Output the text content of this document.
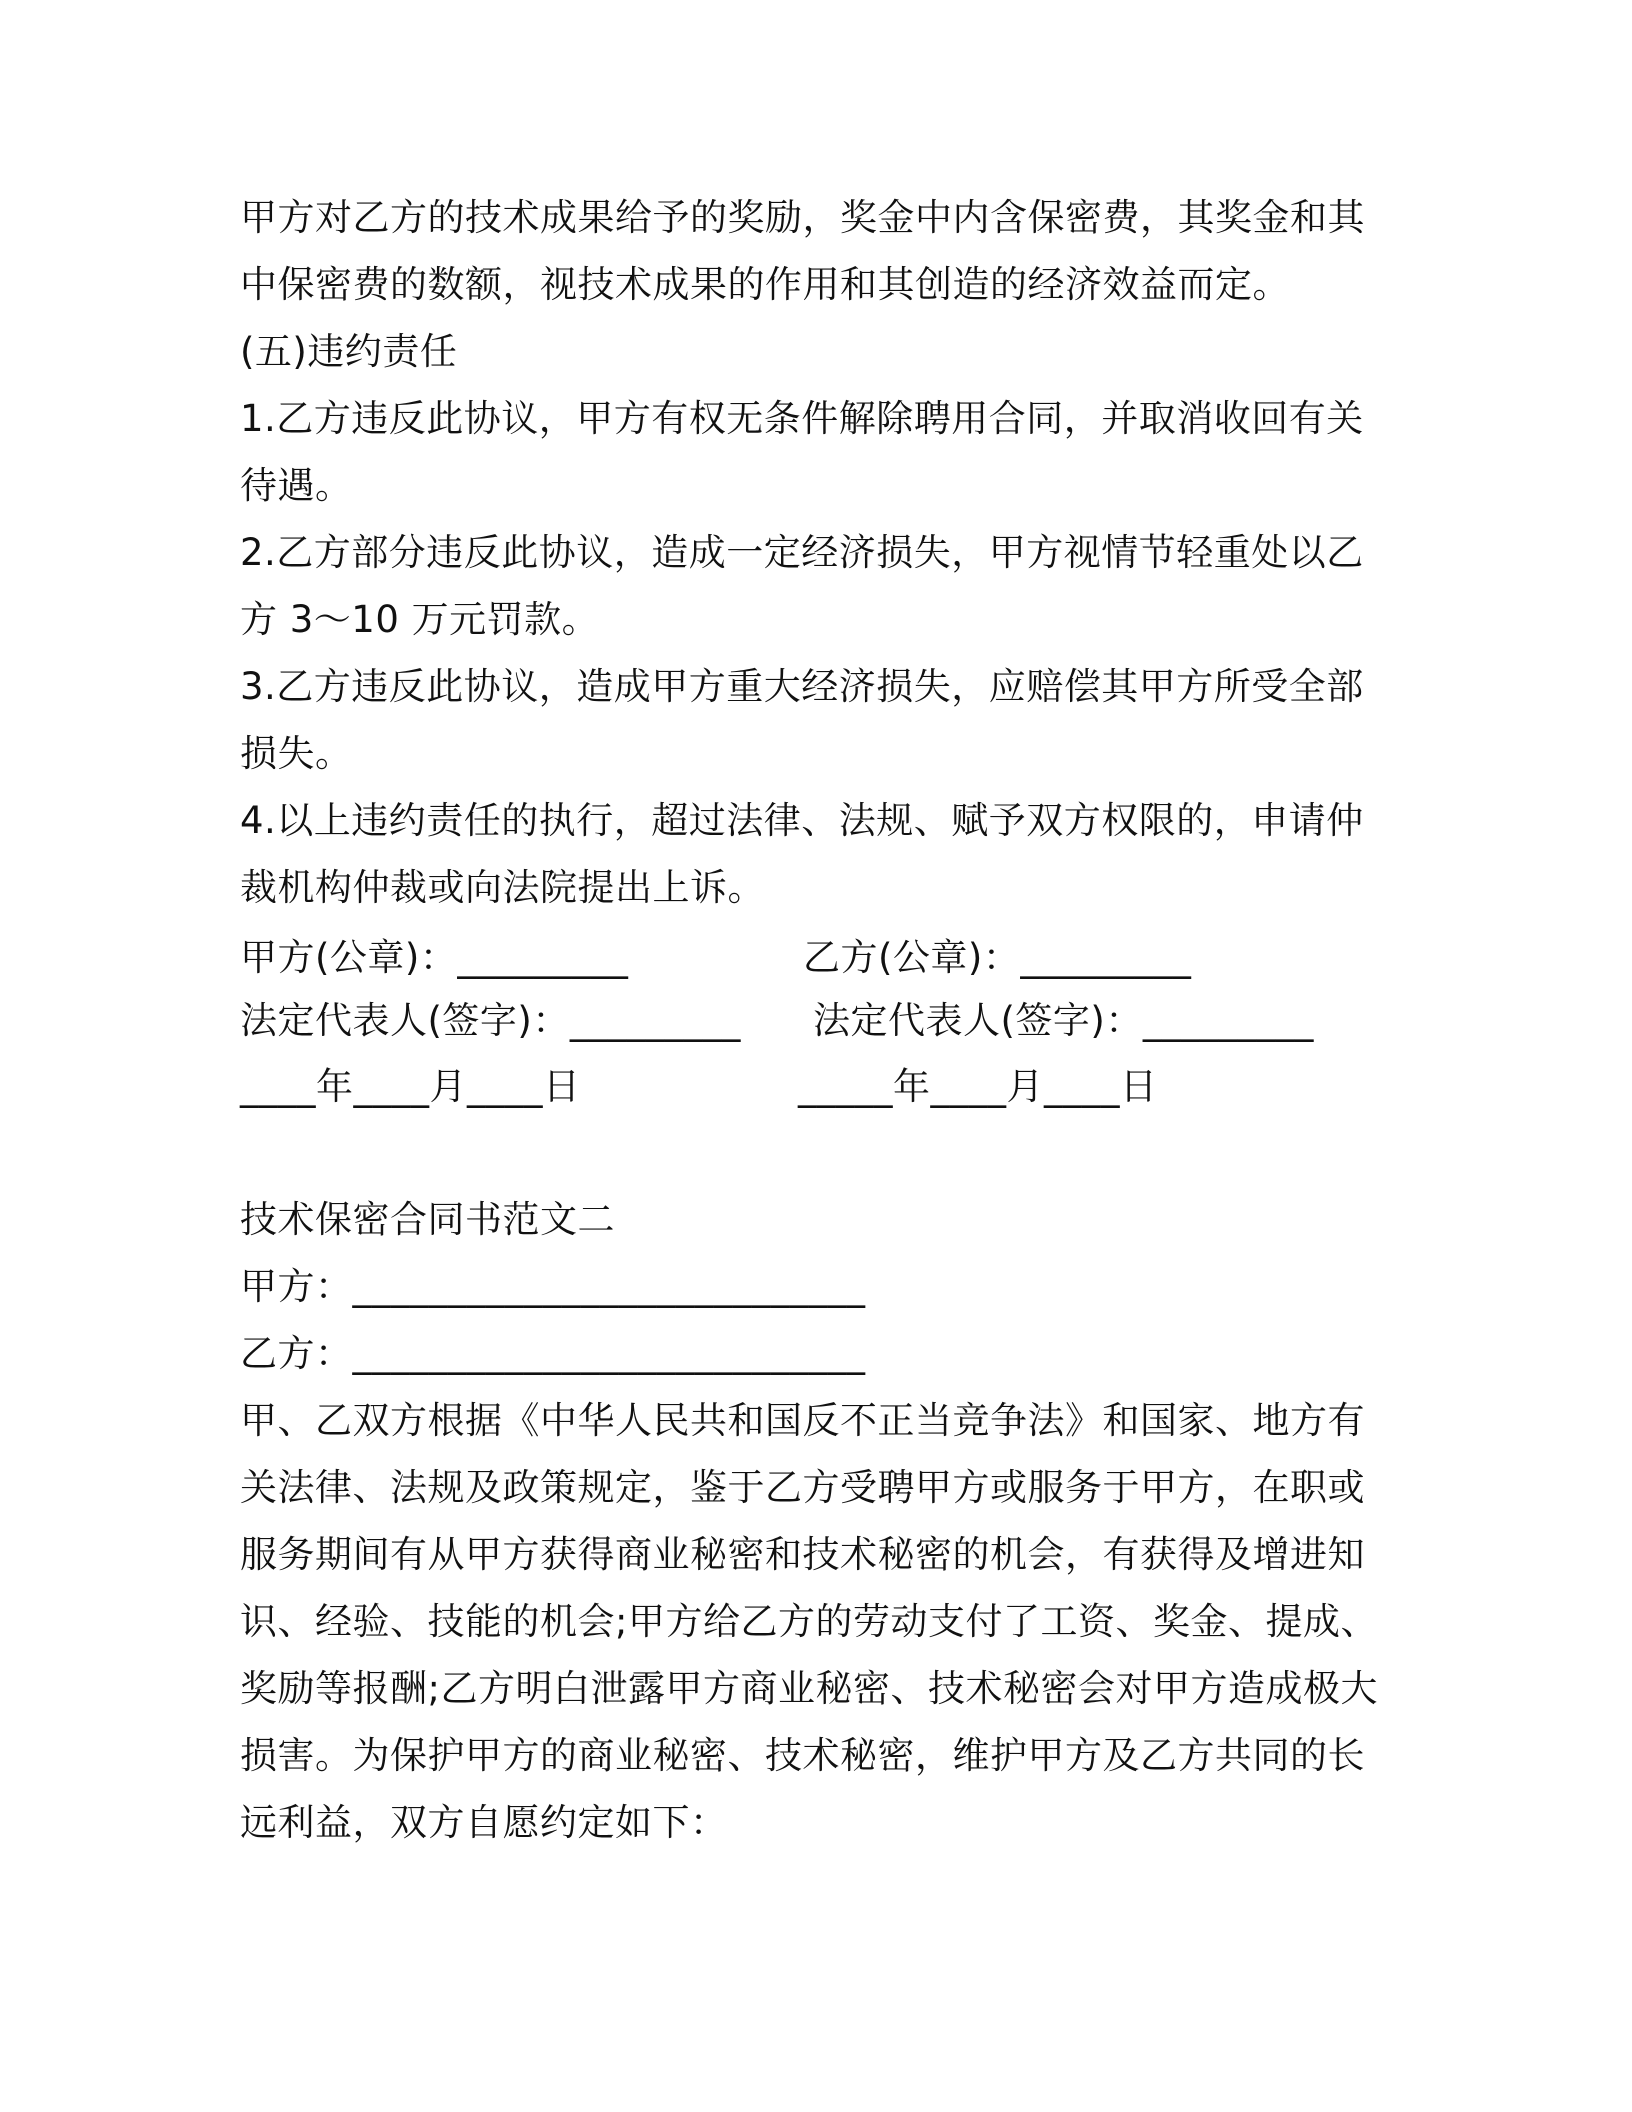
甲方对乙方的技术成果给予的奖励，奖金中内含保密费，其奖金和其
中保密费的数额，视技术成果的作用和其创造的经济效益而定。
(五)违约责任
1.乙方违反此协议，甲方有权无条件解除聘用合同，并取消收回有关
待遇。
2.乙方部分违反此协议，造成一定经济损失，甲方视情节轻重处以乙
方 3～10 万元罚款。
3.乙方违反此协议，造成甲方重大经济损失，应赔偿其甲方所受全部
损失。
4.以上违约责任的执行，超过法律、法规、赋予双方权限的，申请仲
裁机构仲裁或向法院提出上诉。
甲方(公章)：_________	乙方(公章)：_________
法定代表人(签字)：_________ 法定代表人(签字)：_________
____年____月____日	_____年____月____日
技术保密合同书范文二
甲方：___________________________
乙方：___________________________
甲、乙双方根据《中华人民共和国反不正当竞争法》和国家、地方有
关法律、法规及政策规定，鉴于乙方受聘甲方或服务于甲方，在职或
服务期间有从甲方获得商业秘密和技术秘密的机会，有获得及增进知
识、经验、技能的机会;甲方给乙方的劳动支付了工资、奖金、提成、
奖励等报酬;乙方明白泄露甲方商业秘密、技术秘密会对甲方造成极大
损害。为保护甲方的商业秘密、技术秘密，维护甲方及乙方共同的长
远利益，双方自愿约定如下：
